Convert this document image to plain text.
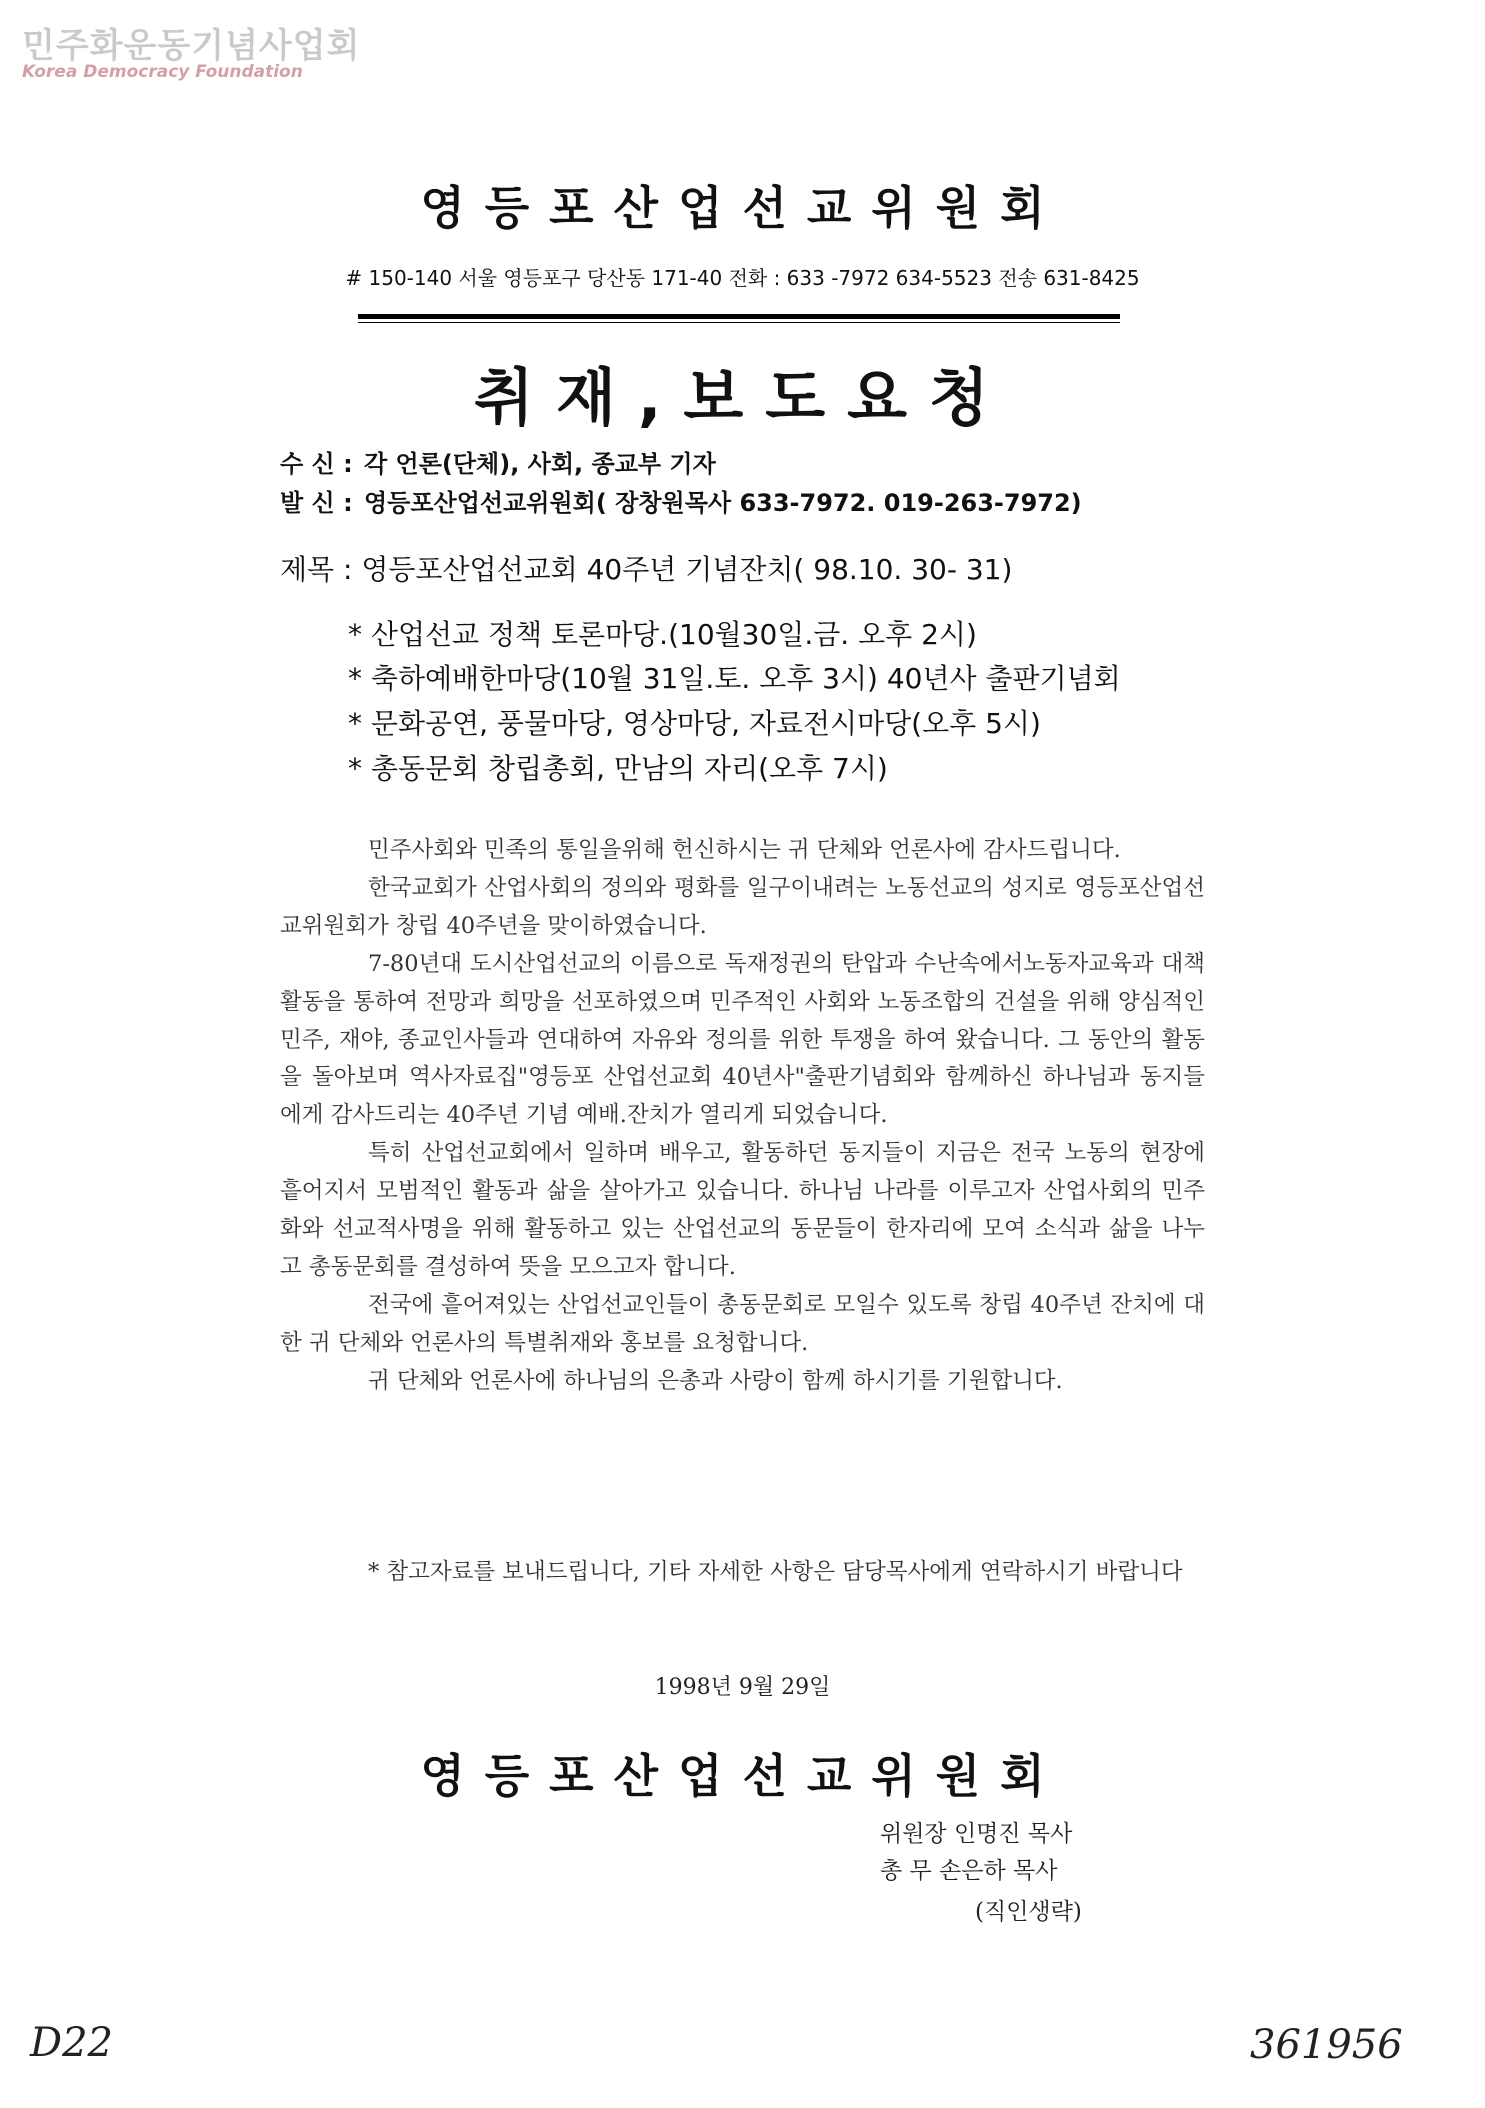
민주화운동기념사업회
Korea Democracy Foundation
영등포산업선교위원회
# 150-140 서울 영등포구 당산동 171-40 전화 : 633 -7972 634-5523 전송 631-8425
취재,보도요청
수 신 : 각 언론(단체), 사회, 종교부 기자
발 신 : 영등포산업선교위원회( 장창원목사 633-7972. 019-263-7972)
제목 : 영등포산업선교회 40주년 기념잔치( 98.10. 30- 31)
* 산업선교 정책 토론마당.(10월30일.금. 오후 2시)
* 축하예배한마당(10월 31일.토. 오후 3시) 40년사 출판기념회
* 문화공연, 풍물마당, 영상마당, 자료전시마당(오후 5시)
* 총동문회 창립총회, 만남의 자리(오후 7시)

민주사회와 민족의 통일을위해 헌신하시는 귀 단체와 언론사에 감사드립니다.

한국교회가 산업사회의 정의와 평화를 일구이내려는 노동선교의 성지로 영등포산업선교위원회가 창립 40주년을 맞이하였습니다.

7-80년대 도시산업선교의 이름으로 독재정권의 탄압과 수난속에서노동자교육과 대책활동을 통하여 전망과 희망을 선포하였으며 민주적인 사회와 노동조합의 건설을 위해 양심적인 민주, 재야, 종교인사들과 연대하여 자유와 정의를 위한 투쟁을 하여 왔습니다. 그 동안의 활동을 돌아보며 역사자료집"영등포 산업선교회 40년사"출판기념회와 함께하신 하나님과 동지들에게 감사드리는 40주년 기념 예배.잔치가 열리게 되었습니다.

특히 산업선교회에서 일하며 배우고, 활동하던 동지들이 지금은 전국 노동의 현장에 흩어지서 모범적인 활동과 삶을 살아가고 있습니다. 하나님 나라를 이루고자 산업사회의 민주화와 선교적사명을 위해 활동하고 있는 산업선교의 동문들이 한자리에 모여 소식과 삶을 나누고 총동문회를 결성하여 뜻을 모으고자 합니다.

전국에 흩어져있는 산업선교인들이 총동문회로 모일수 있도록 창립 40주년 잔치에 대한 귀 단체와 언론사의 특별취재와 홍보를 요청합니다.

귀 단체와 언론사에 하나님의 은총과 사랑이 함께 하시기를 기원합니다.

* 참고자료를 보내드립니다, 기타 자세한 사항은 담당목사에게 연락하시기 바랍니다
1998년 9월 29일
영등포산업선교위원회
위원장 인명진 목사
총 무 손은하 목사
(직인생략)
D22	361956
